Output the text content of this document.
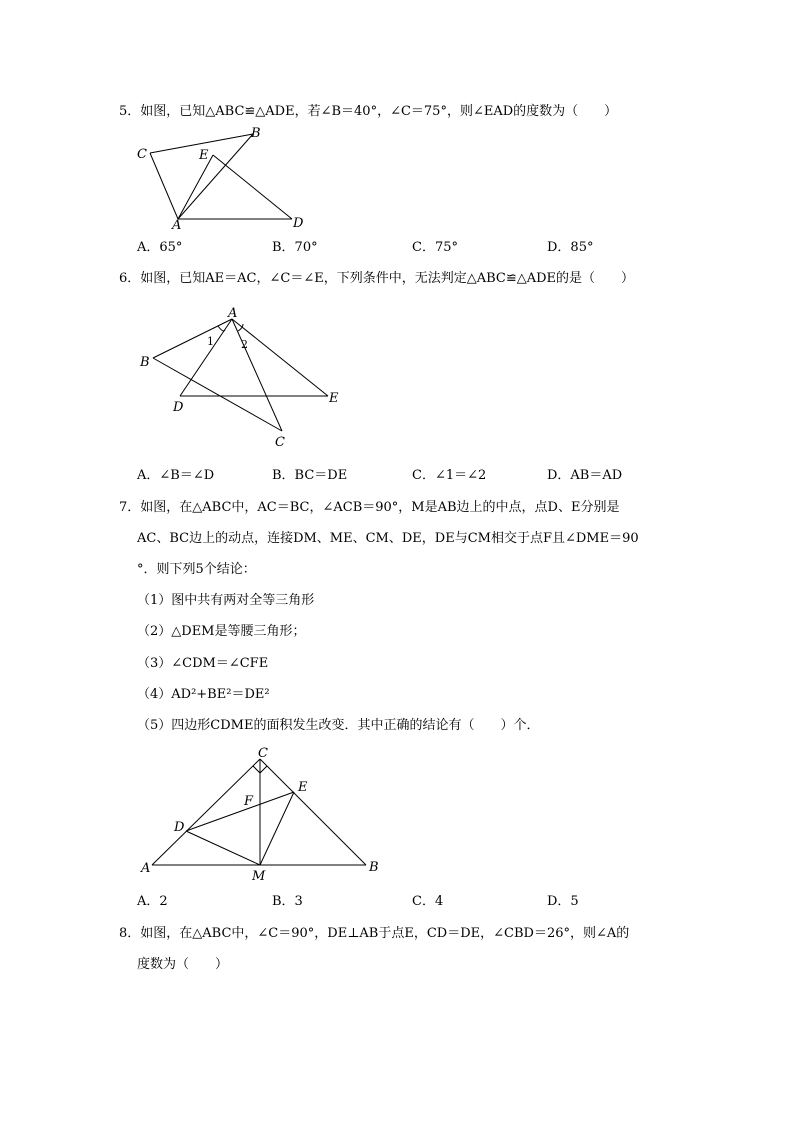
5．如图，已知△ABC≌△ADE，若∠B＝40°，∠C＝75°，则∠EAD的度数为（　　）
C
B
E
A	D
A．65°	B．70°	C．75°	D．85°
6．如图，已知AE＝AC，∠C＝∠E，下列条件中，无法判定△ABC≌△ADE的是（　　）
A
1 2
B
E
D
C
A．∠B＝∠D	B．BC＝DE	C．∠1＝∠2	D．AB＝AD
7．如图，在△ABC中，AC＝BC，∠ACB＝90°，M是AB边上的中点，点D、E分别是
AC、BC边上的动点，连接DM、ME、CM、DE，DE与CM相交于点F且∠DME＝90
°．则下列5个结论：
（1）图中共有两对全等三角形
（2）△DEM是等腰三角形；
（3）∠CDM＝∠CFE
（4）AD²+BE²＝DE²
（5）四边形CDME的面积发生改变．其中正确的结论有（　　）个．
C
E
F
D
A
M
B
A．2	B．3	C．4	D．5
8．如图，在△ABC中，∠C＝90°，DE⊥AB于点E，CD＝DE，∠CBD＝26°，则∠A的
度数为（　　）
